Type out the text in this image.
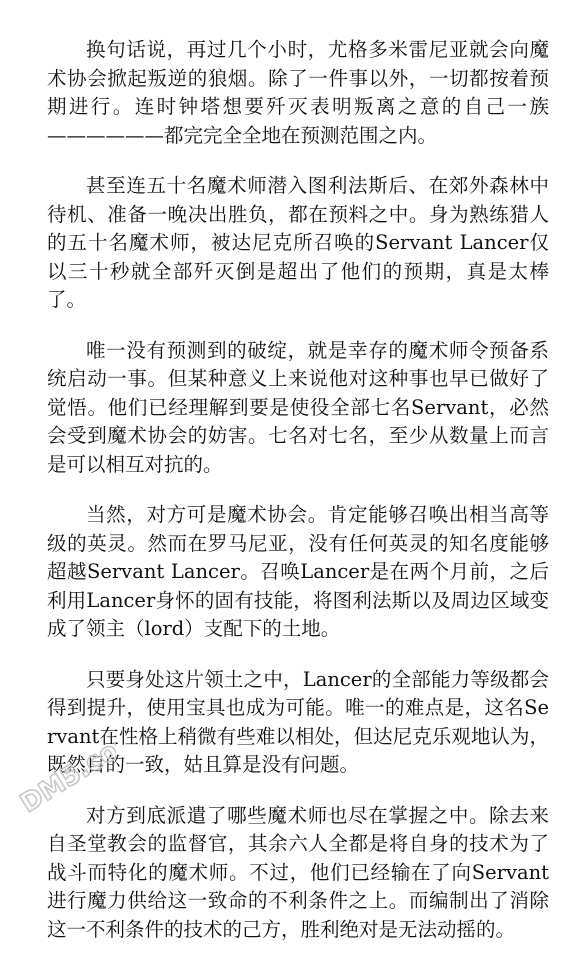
换句话说，再过几个小时，尤格多米雷尼亚就会向魔术协会掀起叛逆的狼烟。除了一件事以外，一切都按着预期进行。连时钟塔想要歼灭表明叛离之意的自己一族——————都完完全全地在预测范围之内。

甚至连五十名魔术师潜入图利法斯后、在郊外森林中待机、准备一晚决出胜负，都在预料之中。身为熟练猎人的五十名魔术师，被达尼克所召唤的Servant Lancer仅以三十秒就全部歼灭倒是超出了他们的预期，真是太棒了。

唯一没有预测到的破绽，就是幸存的魔术师令预备系统启动一事。但某种意义上来说他对这种事也早已做好了觉悟。他们已经理解到要是使役全部七名Servant，必然会受到魔术协会的妨害。七名对七名，至少从数量上而言是可以相互对抗的。

当然，对方可是魔术协会。肯定能够召唤出相当高等级的英灵。然而在罗马尼亚，没有任何英灵的知名度能够超越Servant Lancer。召唤Lancer是在两个月前，之后利用Lancer身怀的固有技能，将图利法斯以及周边区域变成了领主（lord）支配下的土地。

只要身处这片领土之中，Lancer的全部能力等级都会得到提升，使用宝具也成为可能。唯一的难点是，这名Servant在性格上稍微有些难以相处，但达尼克乐观地认为，既然目的一致，姑且算是没有问题。

对方到底派遣了哪些魔术师也尽在掌握之中。除去来自圣堂教会的监督官，其余六人全都是将自身的技术为了战斗而特化的魔术师。不过，他们已经输在了向Servant进行魔力供给这一致命的不利条件之上。而编制出了消除这一不利条件的技术的己方，胜利绝对是无法动摇的。

DM5.com
